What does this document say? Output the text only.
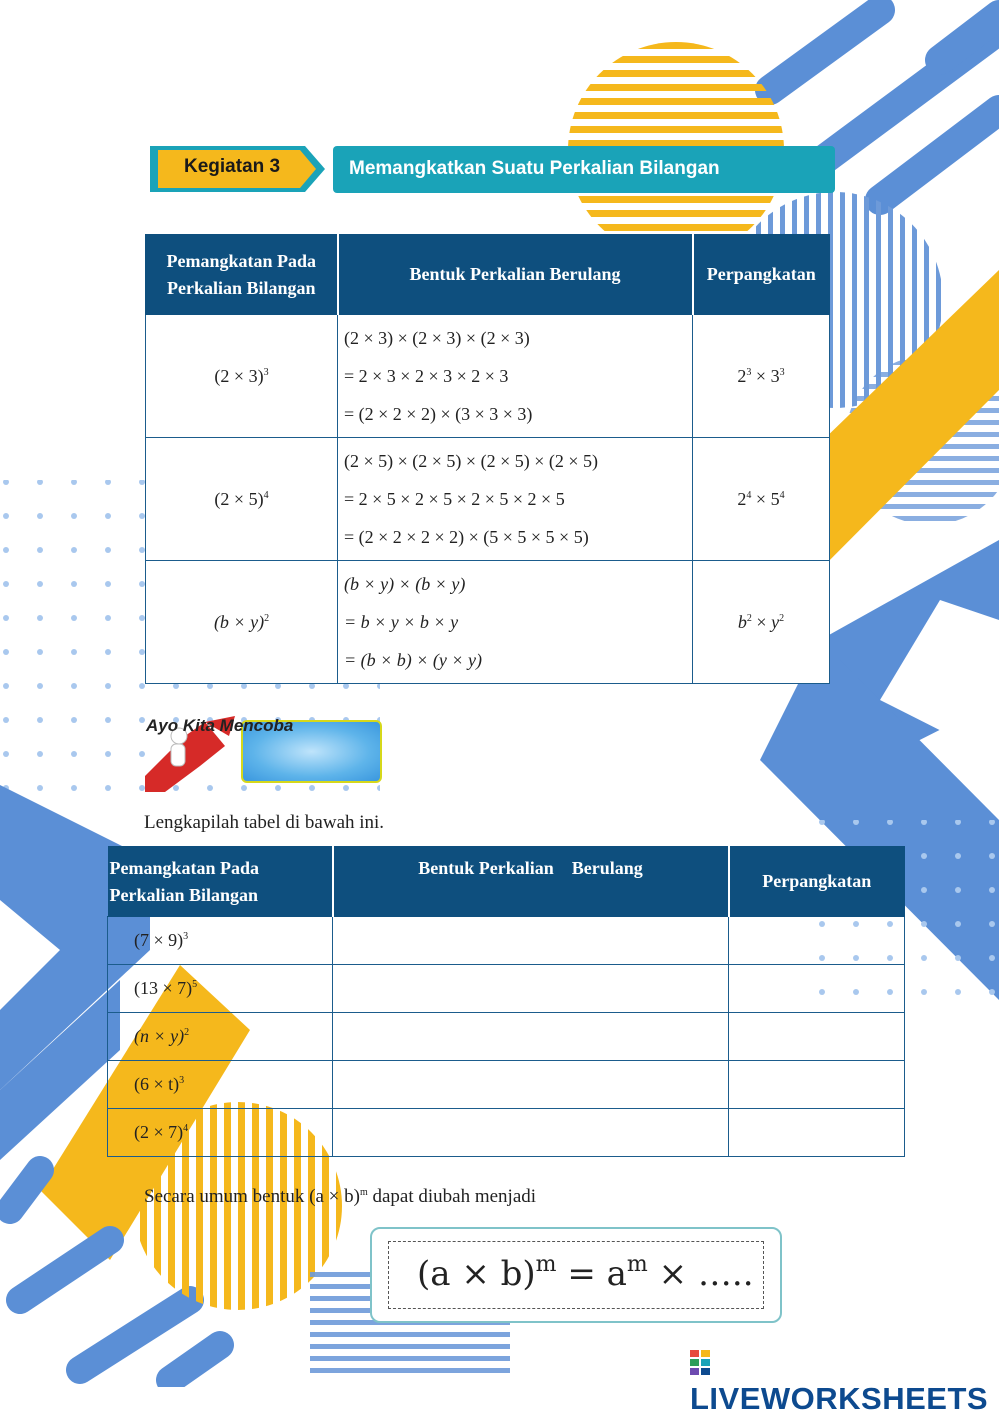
Kegiatan 3	Memangkatkan Suatu Perkalian Bilangan
Pemangkatan Pada Perkalian Bilangan	Bentuk Perkalian Berulang	Perpangkatan
$(2 \times 3)^3$	(2 × 3) × (2 × 3) × (2 × 3)
= 2 × 3 × 2 × 3 × 2 × 3
= (2 × 2 × 2) × (3 × 3 × 3)	$2^3 \times 3^3$
$(2 \times 5)^4$	(2 × 5) × (2 × 5) × (2 × 5) × (2 × 5)
= 2 × 5 × 2 × 5 × 2 × 5 × 2 × 5
= (2 × 2 × 2 × 2) × (5 × 5 × 5 × 5)	$2^4 \times 5^4$
$(b \times y)^2$	(b × y) × (b × y)
= b × y × b × y
= (b × b) × (y × y)	$b^2 \times y^2$
Ayo Kita Mencoba
Lengkapilah tabel di bawah ini.
Pemangkatan Pada Perkalian Bilangan	Bentuk Perkalian    Berulang	Perpangkatan
$(7 \times 9)^3$		
$(13 \times 7)^5$		
$(n \times y)^2$		
$(6 \times t)^3$		
$(2 \times 7)^4$		
Secara umum bentuk $(a \times b)^m$ dapat diubah menjadi
$(a \times b)^m = a^m$ × …..
LIVEWORKSHEETS
